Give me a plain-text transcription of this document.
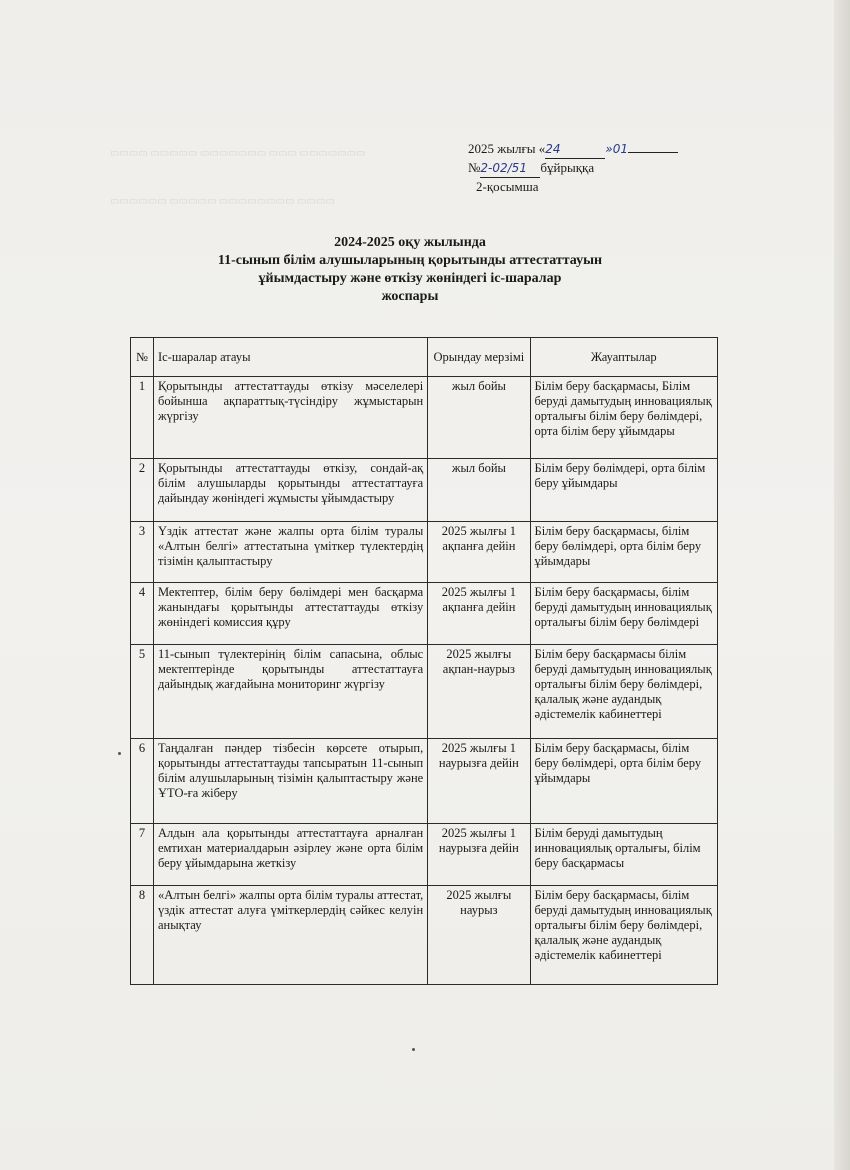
▭▭▭▭ ▭▭▭▭▭ ▭▭▭▭▭▭▭ ▭▭▭ ▭▭▭▭▭▭▭
▭▭▭▭▭▭ ▭▭▭▭▭ ▭▭▭▭▭▭▭▭ ▭▭▭▭
2025 жылғы «24	»01
№2-02/51 бұйрыққа
2-қосымша
2024-2025 оқу жылында
11-сынып білім алушыларының қорытынды аттестаттауын
ұйымдастыру және өткізу жөніндегі іс-шаралар
жоспары
№	Іс-шаралар атауы	Орындау мерзімі	Жауаптылар
1	Қорытынды аттестаттауды өткізу мәселелері бойынша ақпараттық-түсіндіру жұмыстарын жүргізу	жыл бойы	Білім беру басқармасы, Білім беруді дамытудың инновациялық орталығы білім беру бөлімдері, орта білім беру ұйымдары
2	Қорытынды аттестаттауды өткізу, сондай-ақ білім алушыларды қорытынды аттестаттауға дайындау жөніндегі жұмысты ұйымдастыру	жыл бойы	Білім беру бөлімдері, орта білім беру ұйымдары
3	Үздік аттестат және жалпы орта білім туралы «Алтын белгі» аттестатына үміткер түлектердің тізімін қалыптастыру	2025 жылғы 1 ақпанға дейін	Білім беру басқармасы, білім беру бөлімдері, орта білім беру ұйымдары
4	Мектептер, білім беру бөлімдері мен басқарма жанындағы қорытынды аттестаттауды өткізу жөніндегі комиссия құру	2025 жылғы 1 ақпанға дейін	Білім беру басқармасы, білім беруді дамытудың инновациялық орталығы білім беру бөлімдері
5	11-сынып түлектерінің білім сапасына, облыс мектептерінде қорытынды аттестаттауға дайындық жағдайына мониторинг жүргізу	2025 жылғы ақпан-наурыз	Білім беру басқармасы білім беруді дамытудың инновациялық орталығы білім беру бөлімдері, қалалық және аудандық әдістемелік кабинеттері
6	Таңдалған пәндер тізбесін көрсете отырып, қорытынды аттестаттауды тапсыратын 11-сынып білім алушыларының тізімін қалыптастыру және ҰТО-ға жіберу	2025 жылғы 1 наурызға дейін	Білім беру басқармасы, білім беру бөлімдері, орта білім беру ұйымдары
7	Алдын ала қорытынды аттестаттауға арналған емтихан материалдарын әзірлеу және орта білім беру ұйымдарына жеткізу	2025 жылғы 1 наурызға дейін	Білім беруді дамытудың инновациялық орталығы, білім беру басқармасы
8	«Алтын белгі» жалпы орта білім туралы аттестат, үздік аттестат алуға үміткерлердің сәйкес келуін анықтау	2025 жылғы наурыз	Білім беру басқармасы, білім беруді дамытудың инновациялық орталығы білім беру бөлімдері, қалалық және аудандық әдістемелік кабинеттері
